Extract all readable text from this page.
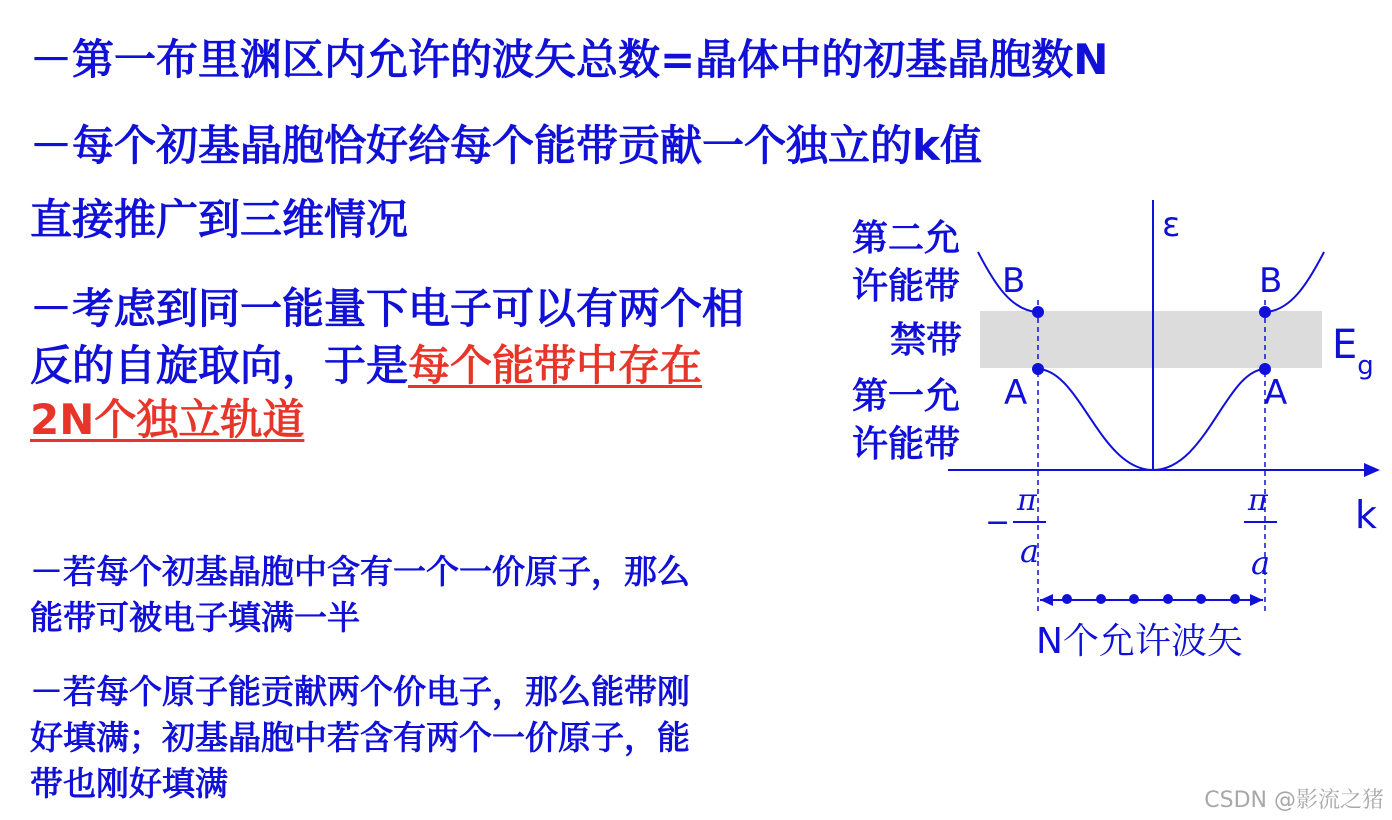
－第一布里渊区内允许的波矢总数=晶体中的初基晶胞数N
－每个初基晶胞恰好给每个能带贡献一个独立的k值
直接推广到三维情况
－考虑到同一能量下电子可以有两个相
反的自旋取向，于是每个能带中存在
2N个独立轨道
－若每个初基晶胞中含有一个一价原子，那么
能带可被电子填满一半
－若每个原子能贡献两个价电子，那么能带刚
好填满；初基晶胞中若含有两个一价原子，能
带也刚好填满
第二允
许能带
禁带
第一允
许能带
ε
k
B	B
A	A
$E_g$
−
π
a
π
a
N个允许波矢
CSDN @影流之猪
